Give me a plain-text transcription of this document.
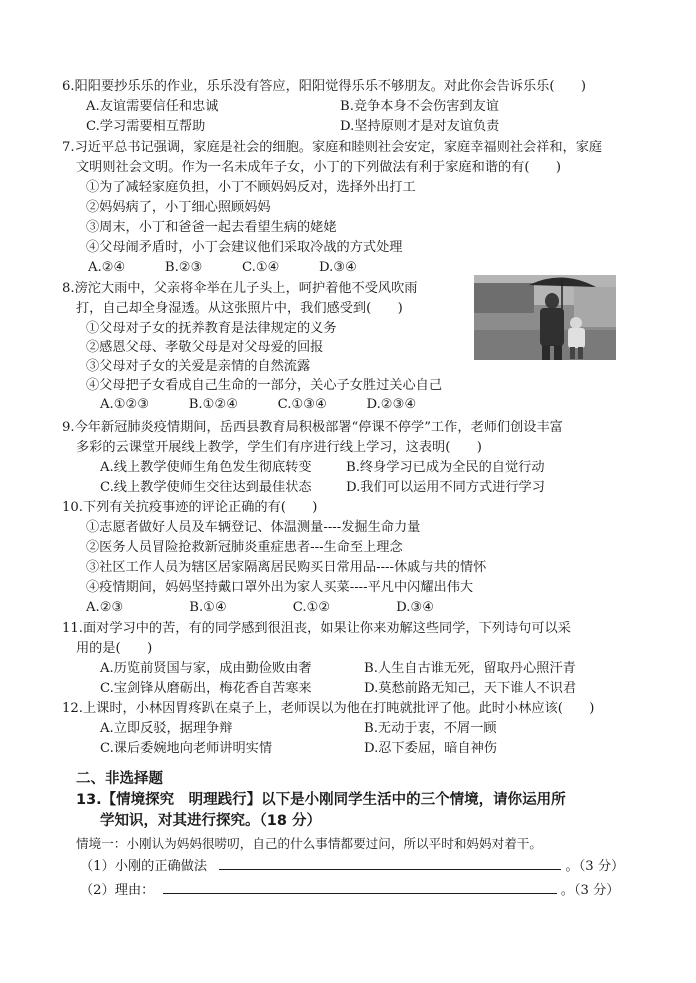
6.阳阳要抄乐乐的作业，乐乐没有答应，阳阳觉得乐乐不够朋友。对此你会告诉乐乐(　　)
A.友谊需要信任和忠诚	B.竞争本身不会伤害到友谊
C.学习需要相互帮助	D.坚持原则才是对友谊负责
7.习近平总书记强调，家庭是社会的细胞。家庭和睦则社会安定，家庭幸福则社会祥和，家庭
文明则社会文明。作为一名未成年子女，小丁的下列做法有利于家庭和谐的有(　　)
①为了减轻家庭负担，小丁不顾妈妈反对，选择外出打工
②妈妈病了，小丁细心照顾妈妈
③周末，小丁和爸爸一起去看望生病的姥姥
④父母闹矛盾时，小丁会建议他们采取冷战的方式处理
A.②④　　　B.②③　　　C.①④　　　D.③④
8.滂沱大雨中，父亲将伞举在儿子头上，呵护着他不受风吹雨
打，自己却全身湿透。从这张照片中，我们感受到(　　)
①父母对子女的抚养教育是法律规定的义务
②感恩父母、孝敬父母是对父母爱的回报
③父母对子女的关爱是亲情的自然流露
④父母把子女看成自己生命的一部分，关心子女胜过关心自己
A.①②③　　　B.①②④　　　C.①③④　　　D.②③④
9.今年新冠肺炎疫情期间，岳西县教育局积极部署“停课不停学”工作，老师们创设丰富
多彩的云课堂开展线上教学，学生们有序进行线上学习，这表明(　　)
A.线上教学使师生角色发生彻底转变	B.终身学习已成为全民的自觉行动
C.线上教学使师生交往达到最佳状态	D.我们可以运用不同方式进行学习
10.下列有关抗疫事迹的评论正确的有(　　)
①志愿者做好人员及车辆登记、体温测量----发掘生命力量
②医务人员冒险抢救新冠肺炎重症患者---生命至上理念
③社区工作人员为辖区居家隔离居民购买日常用品----休戚与共的情怀
④疫情期间，妈妈坚持戴口罩外出为家人买菜----平凡中闪耀出伟大
A.②③　　　　　B.①④　　　　　C.①②　　　　　D.③④
11.面对学习中的苦，有的同学感到很沮丧，如果让你来劝解这些同学，下列诗句可以采
用的是(　　)
A.历览前贤国与家，成由勤俭败由奢	B.人生自古谁无死，留取丹心照汗青
C.宝剑锋从磨砺出，梅花香自苦寒来	D.莫愁前路无知己，天下谁人不识君
12.上课时，小林因胃疼趴在桌子上，老师误以为他在打盹就批评了他。此时小林应该(　　)
A.立即反驳，据理争辩	B.无动于衷，不屑一顾
C.课后委婉地向老师讲明实情	D.忍下委屈，暗自神伤
二、非选择题
13.【情境探究　明理践行】以下是小刚同学生活中的三个情境，请你运用所
学知识，对其进行探究。（18 分）
情境一：小刚认为妈妈很唠叨，自己的什么事情都要过问，所以平时和妈妈对着干。
（1）小刚的正确做法	。（3 分）
（2）理由：	。（3 分）
